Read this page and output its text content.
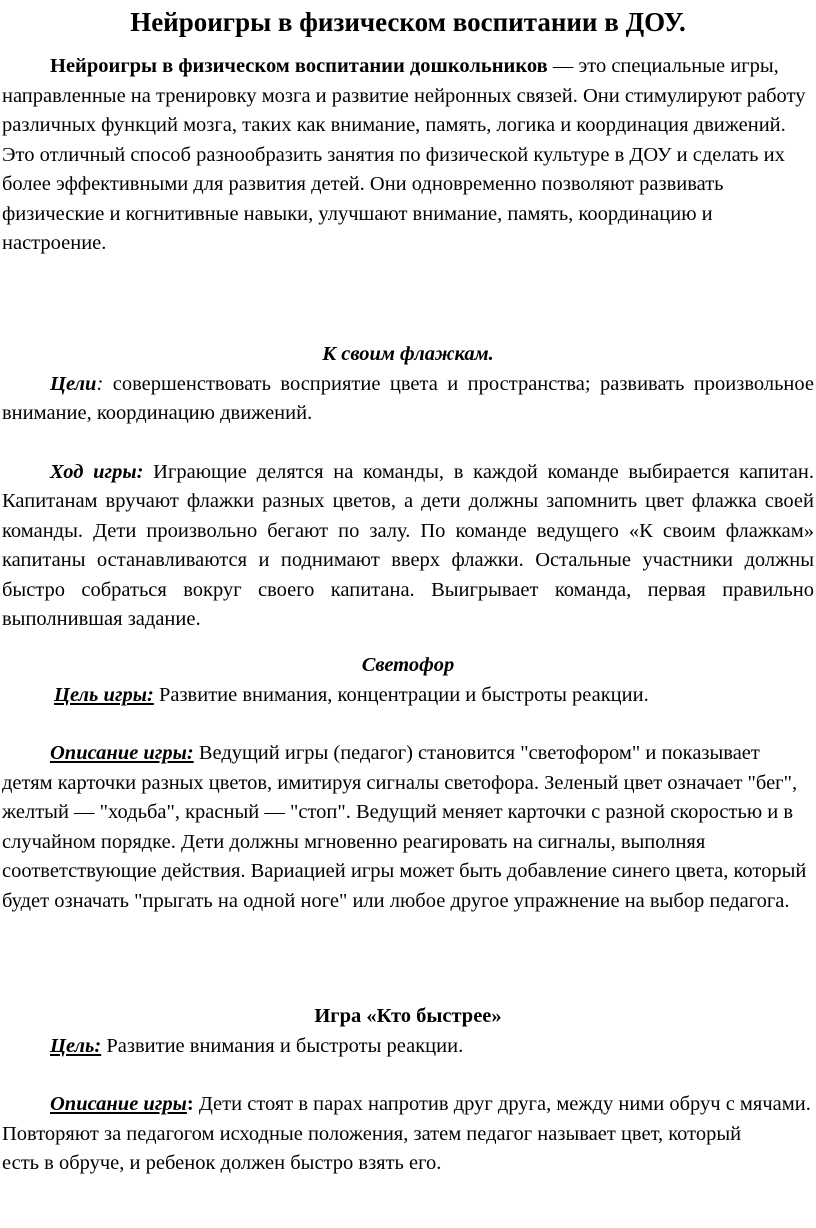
Нейроигры в физическом воспитании в ДОУ.

Нейроигры в физическом воспитании дошкольников — это специальные игры, направленные на тренировку мозга и развитие нейронных связей. Они стимулируют работу различных функций мозга, таких как внимание, память, логика и координация движений. Это отличный способ разнообразить занятия по физической культуре в ДОУ и сделать их более эффективными для развития детей. Они одновременно позволяют развивать физические и когнитивные навыки, улучшают внимание, память, координацию и настроение.

К своим флажкам.

Цели: совершенствовать восприятие цвета и пространства; развивать произвольное внимание, координацию движений.

Ход игры: Играющие делятся на команды, в каждой команде выбирается капитан. Капитанам вручают флажки разных цветов, а дети должны запомнить цвет флажка своей команды. Дети произвольно бегают по залу. По команде ведущего «К своим флажкам» капитаны останавливаются и поднимают вверх флажки. Остальные участники должны быстро собраться вокруг своего капитана. Выигрывает команда, первая правильно выполнившая задание.

Светофор

Цель игры: Развитие внимания, концентрации и быстроты реакции.

Описание игры: Ведущий игры (педагог) становится "светофором" и показывает детям карточки разных цветов, имитируя сигналы светофора. Зеленый цвет означает "бег", желтый — "ходьба", красный — "стоп". Ведущий меняет карточки с разной скоростью и в случайном порядке. Дети должны мгновенно реагировать на сигналы, выполняя соответствующие действия. Вариацией игры может быть добавление синего цвета, который будет означать "прыгать на одной ноге" или любое другое упражнение на выбор педагога.

Игра «Кто быстрее»

Цель: Развитие внимания и быстроты реакции.

Описание игры: Дети стоят в парах напротив друг друга, между ними обруч с мячами.

Повторяют за педагогом исходные положения, затем педагог называет цвет, который

есть в обруче, и ребенок должен быстро взять его.
